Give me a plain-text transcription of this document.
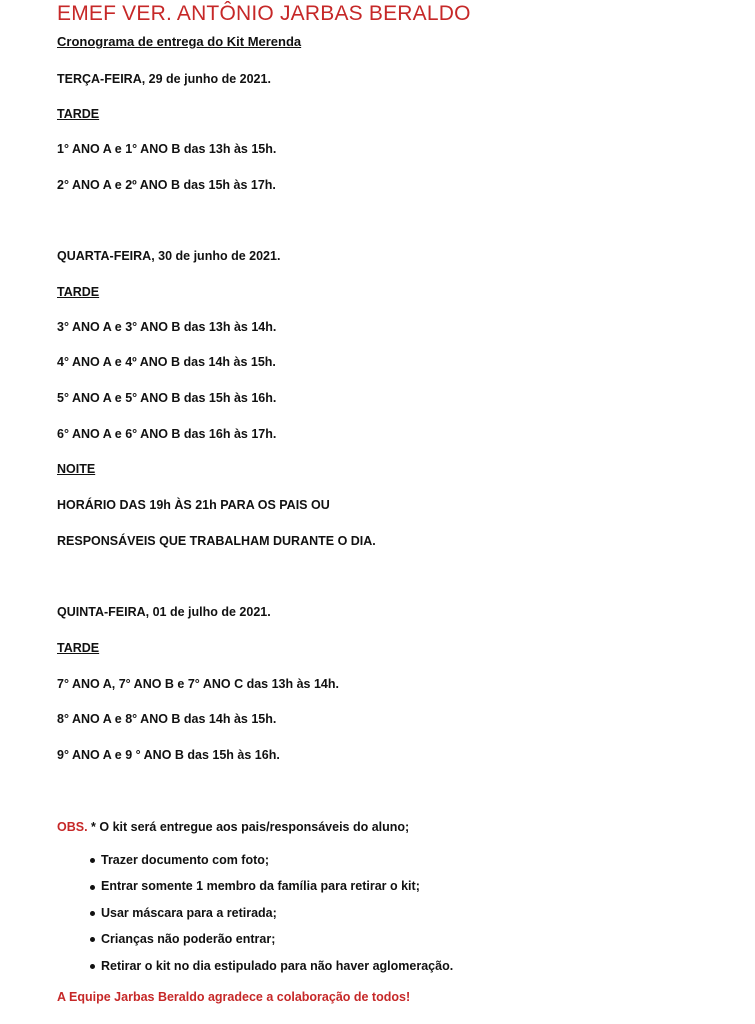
EMEF VER. ANTÔNIO JARBAS BERALDO
Cronograma de entrega do Kit Merenda
TERÇA-FEIRA, 29 de junho de 2021.
TARDE
1° ANO A e 1° ANO B das 13h às 15h.
2° ANO A e 2º ANO B das 15h às 17h.
QUARTA-FEIRA, 30 de junho de 2021.
TARDE
3° ANO A e 3° ANO B das 13h às 14h.
4° ANO A e 4º ANO B das 14h às 15h.
5° ANO A e 5° ANO B das 15h às 16h.
6° ANO A e 6° ANO B das 16h às 17h.
NOITE
HORÁRIO DAS 19h ÀS 21h PARA OS PAIS OU
RESPONSÁVEIS QUE TRABALHAM DURANTE O DIA.
QUINTA-FEIRA, 01 de julho de 2021.
TARDE
7° ANO A, 7° ANO B e 7° ANO C das 13h às 14h.
8° ANO A e 8° ANO B das 14h às 15h.
9° ANO A e 9 ° ANO B das 15h às 16h.
OBS. * O kit será entregue aos pais/responsáveis do aluno;
Trazer documento com foto;
Entrar somente 1 membro da família para retirar o kit;
Usar máscara para a retirada;
Crianças não poderão entrar;
Retirar o kit no dia estipulado para não haver aglomeração.
A Equipe Jarbas Beraldo agradece a colaboração de todos!
